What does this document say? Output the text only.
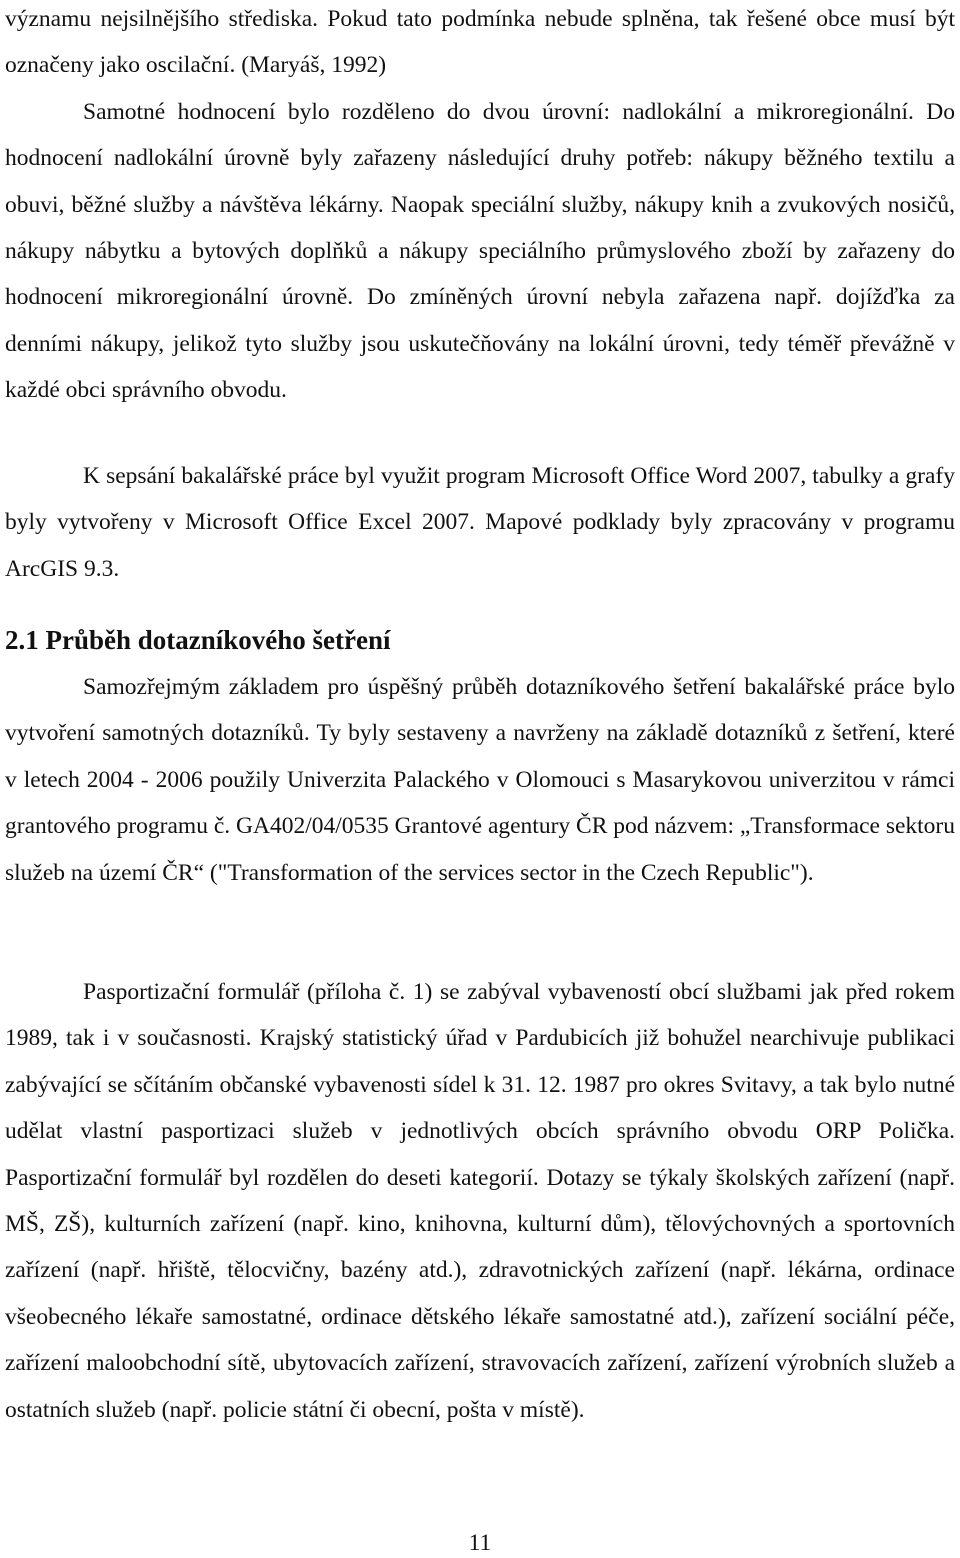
významu nejsilnějšího střediska. Pokud tato podmínka nebude splněna, tak řešené obce musí být označeny jako oscilační. (Maryáš, 1992)

Samotné hodnocení bylo rozděleno do dvou úrovní: nadlokální a mikroregionální. Do hodnocení nadlokální úrovně byly zařazeny následující druhy potřeb: nákupy běžného textilu a obuvi, běžné služby a návštěva lékárny. Naopak speciální služby, nákupy knih a zvukových nosičů, nákupy nábytku a bytových doplňků a nákupy speciálního průmyslového zboží by zařazeny do hodnocení mikroregionální úrovně. Do zmíněných úrovní nebyla zařazena např. dojížďka za denními nákupy, jelikož tyto služby jsou uskutečňovány na lokální úrovni, tedy téměř převážně v každé obci správního obvodu.

K sepsání bakalářské práce byl využit program Microsoft Office Word 2007, tabulky a grafy byly vytvořeny v Microsoft Office Excel 2007. Mapové podklady byly zpracovány v programu ArcGIS 9.3.

2.1 Průběh dotazníkového šetření

Samozřejmým základem pro úspěšný průběh dotazníkového šetření bakalářské práce bylo vytvoření samotných dotazníků. Ty byly sestaveny a navrženy na základě dotazníků z šetření, které v letech 2004 - 2006 použily Univerzita Palackého v Olomouci s Masarykovou univerzitou v rámci grantového programu č. GA402/04/0535 Grantové agentury ČR pod názvem: „Transformace sektoru služeb na území ČR“ ("Transformation of the services sector in the Czech Republic").

Pasportizační formulář (příloha č. 1) se zabýval vybaveností obcí službami jak před rokem 1989, tak i v současnosti. Krajský statistický úřad v Pardubicích již bohužel nearchivuje publikaci zabývající se sčítáním občanské vybavenosti sídel k 31. 12. 1987 pro okres Svitavy, a tak bylo nutné udělat vlastní pasportizaci služeb v jednotlivých obcích správního obvodu ORP Polička. Pasportizační formulář byl rozdělen do deseti kategorií. Dotazy se týkaly školských zařízení (např. MŠ, ZŠ), kulturních zařízení (např. kino, knihovna, kulturní dům), tělovýchovných a sportovních zařízení (např. hřiště, tělocvičny, bazény atd.), zdravotnických zařízení (např. lékárna, ordinace všeobecného lékaře samostatné, ordinace dětského lékaře samostatné atd.), zařízení sociální péče, zařízení maloobchodní sítě, ubytovacích zařízení, stravovacích zařízení, zařízení výrobních služeb a ostatních služeb (např. policie státní či obecní, pošta v místě).

11
